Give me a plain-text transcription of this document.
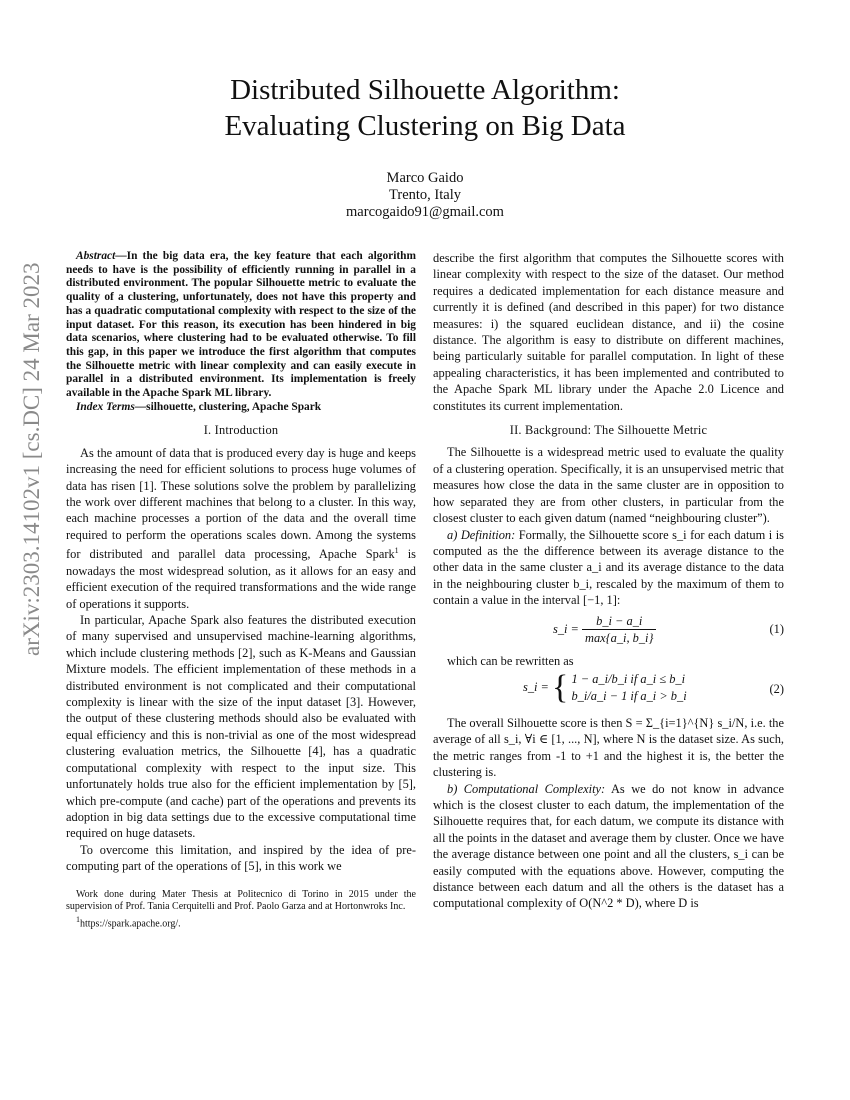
arXiv:2303.14102v1 [cs.DC] 24 Mar 2023
Distributed Silhouette Algorithm:
Evaluating Clustering on Big Data
Marco Gaido
Trento, Italy
marcogaido91@gmail.com

Abstract—In the big data era, the key feature that each algorithm needs to have is the possibility of efficiently running in parallel in a distributed environment. The popular Silhouette metric to evaluate the quality of a clustering, unfortunately, does not have this property and has a quadratic computational complexity with respect to the size of the input dataset. For this reason, its execution has been hindered in big data scenarios, where clustering had to be evaluated otherwise. To fill this gap, in this paper we introduce the first algorithm that computes the Silhouette metric with linear complexity and can easily execute in parallel in a distributed environment. Its implementation is freely available in the Apache Spark ML library.

Index Terms—silhouette, clustering, Apache Spark

I. Introduction

As the amount of data that is produced every day is huge and keeps increasing the need for efficient solutions to process huge volumes of data has risen [1]. These solutions solve the problem by parallelizing the work over different machines that belong to a cluster. In this way, each machine processes a portion of the data and the overall time required to perform the operations scales down. Among the systems for distributed and parallel data processing, Apache Spark$^1$ is nowadays the most widespread solution, as it allows for an easy and efficient execution of the required transformations and the wide range of operations it supports.

In particular, Apache Spark also features the distributed execution of many supervised and unsupervised machine-learning algorithms, which include clustering methods [2], such as K-Means and Gaussian Mixture models. The efficient implementation of these methods in a distributed environment is not complicated and their computational complexity is linear with the size of the input dataset [3]. However, the output of these clustering methods should also be evaluated with equal efficiency and this is non-trivial as one of the most widespread clustering evaluation metrics, the Silhouette [4], has a quadratic computational complexity with respect to the input size. This unfortunately holds true also for the efficient implementation by [5], which pre-compute (and cache) part of the operations and prevents its adoption in big data settings due to the excessive computational time required on huge datasets.

To overcome this limitation, and inspired by the idea of pre-computing part of the operations of [5], in this work we

Work done during Mater Thesis at Politecnico di Torino in 2015 under the supervision of Prof. Tania Cerquitelli and Prof. Paolo Garza and at Hortonwroks Inc.

$^1$https://spark.apache.org/.

describe the first algorithm that computes the Silhouette scores with linear complexity with respect to the size of the dataset. Our method requires a dedicated implementation for each distance measure and currently it is defined (and described in this paper) for two distance measures: i) the squared euclidean distance, and ii) the cosine distance. The algorithm is easy to distribute on different machines, being particularly suitable for parallel computation. In light of these appealing characteristics, it has been implemented and contributed to the Apache Spark ML library under the Apache 2.0 Licence and constitutes its current implementation.

II. Background: The Silhouette Metric

The Silhouette is a widespread metric used to evaluate the quality of a clustering operation. Specifically, it is an unsupervised metric that measures how close the data in the same cluster are in opposition to how separated they are from other clusters, in particular from the closest cluster to each given datum (named “neighbouring cluster”).

a) Definition: Formally, the Silhouette score s_i for each datum i is computed as the the difference between its average distance to the other data in the same cluster a_i and its average distance to the data in the neighbouring cluster b_i, rescaled by the maximum of them to contain a value in the interval [−1, 1]:

s_i = $\frac{b\_i - a\_i}{\max\{a\_i, b\_i\}}$	(1)

which can be rewritten as

s_i = { 1 − a_i/b_i if a_i ≤ b_i
b_i/a_i − 1 if a_i > b_i	(2)

The overall Silhouette score is then S = Σ_{i=1}^{N} s_i/N, i.e. the average of all s_i, ∀i ∈ [1, ..., N], where N is the dataset size. As such, the metric ranges from -1 to +1 and the highest it is, the better the clustering is.

b) Computational Complexity: As we do not know in advance which is the closest cluster to each datum, the implementation of the Silhouette requires that, for each datum, we compute its distance with all the points in the dataset and average them by cluster. Once we have the average distance between one point and all the clusters, s_i can be easily computed with the equations above. However, computing the distance between each datum and all the others is the dataset has a computational complexity of O(N^2 * D), where D is
